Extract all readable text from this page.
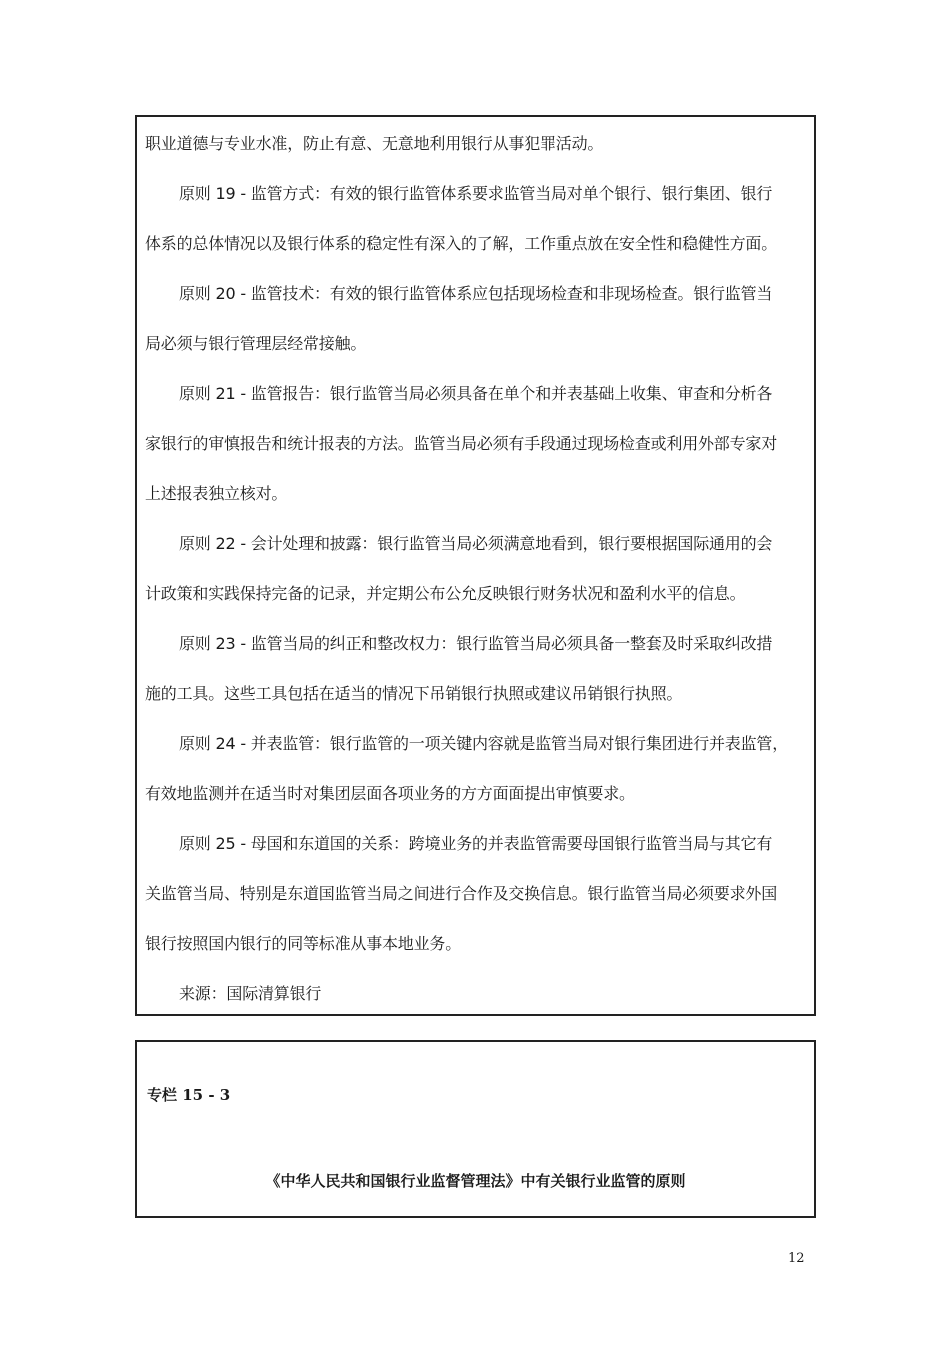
职业道德与专业水准，防止有意、无意地利用银行从事犯罪活动。
原则 19 - 监管方式：有效的银行监管体系要求监管当局对单个银行、银行集团、银行
体系的总体情况以及银行体系的稳定性有深入的了解，工作重点放在安全性和稳健性方面。
原则 20 - 监管技术：有效的银行监管体系应包括现场检查和非现场检查。银行监管当
局必须与银行管理层经常接触。
原则 21 - 监管报告：银行监管当局必须具备在单个和并表基础上收集、审查和分析各
家银行的审慎报告和统计报表的方法。监管当局必须有手段通过现场检查或利用外部专家对
上述报表独立核对。
原则 22 - 会计处理和披露：银行监管当局必须满意地看到，银行要根据国际通用的会
计政策和实践保持完备的记录，并定期公布公允反映银行财务状况和盈利水平的信息。
原则 23 - 监管当局的纠正和整改权力：银行监管当局必须具备一整套及时采取纠改措
施的工具。这些工具包括在适当的情况下吊销银行执照或建议吊销银行执照。
原则 24 - 并表监管：银行监管的一项关键内容就是监管当局对银行集团进行并表监管，
有效地监测并在适当时对集团层面各项业务的方方面面提出审慎要求。
原则 25 - 母国和东道国的关系：跨境业务的并表监管需要母国银行监管当局与其它有
关监管当局、特别是东道国监管当局之间进行合作及交换信息。银行监管当局必须要求外国
银行按照国内银行的同等标准从事本地业务。
来源：国际清算银行
专栏 15 - 3
《中华人民共和国银行业监督管理法》中有关银行业监管的原则
12
